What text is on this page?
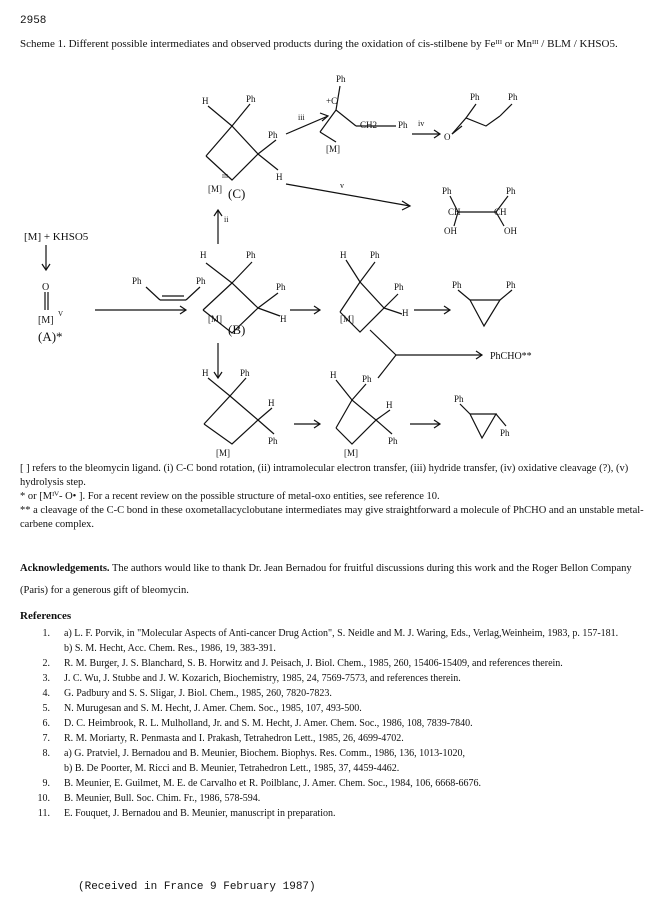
2958
Scheme 1. Different possible intermediates and observed products during the oxidation of cis-stilbene by Feᴵᴵᴵ or Mnᴵᴵᴵ / BLM / KHSO5.
[M] + KHSO5
O
[M]
V
(A)*
Ph	Ph
(B)
H	Ph
Ph
H
[M]
ii
(C)
H	Ph
Ph
H
[M]
III
iii
v
Ph
+C
CH2 Ph
[M]
iv
Ph	Ph
O
Ph	Ph
CH	CH
OH	OH
H	Ph
Ph
H
[M]
Ph	Ph
PhCHO**
H	Ph
H
Ph
[M]
H	Ph
H
Ph
[M]
Ph
Ph

[ ] refers to the bleomycin ligand. (i) C-C bond rotation, (ii) intramolecular electron transfer, (iii) hydride transfer, (iv) oxidative cleavage (?), (v) hydrolysis step.

* or [Mᴵⱽ- O• ]. For a recent review on the possible structure of metal-oxo entities, see reference 10.

** a cleavage of the C-C bond in these oxometallacyclobutane intermediates may give straightforward a molecule of PhCHO and an unstable metal-carbene complex.

Acknowledgements. The authors would like to thank Dr. Jean Bernadou for fruitful discussions during this work and the Roger Bellon Company (Paris) for a generous gift of bleomycin.
References
1.	a) L. F. Porvik, in "Molecular Aspects of Anti-cancer Drug Action", S. Neidle and M. J. Waring, Eds., Verlag,Weinheim, 1983, p. 157-181.
b) S. M. Hecht, Acc. Chem. Res., 1986, 19, 383-391.
2.	R. M. Burger, J. S. Blanchard, S. B. Horwitz and J. Peisach, J. Biol. Chem., 1985, 260, 15406-15409, and references therein.
3.	J. C. Wu, J. Stubbe and J. W. Kozarich, Biochemistry, 1985, 24, 7569-7573, and references therein.
4.	G. Padbury and S. S. Sligar, J. Biol. Chem., 1985, 260, 7820-7823.
5.	N. Murugesan and S. M. Hecht, J. Amer. Chem. Soc., 1985, 107, 493-500.
6.	D. C. Heimbrook, R. L. Mulholland, Jr. and S. M. Hecht, J. Amer. Chem. Soc., 1986, 108, 7839-7840.
7.	R. M. Moriarty, R. Penmasta and I. Prakash, Tetrahedron Lett., 1985, 26, 4699-4702.
8.	a) G. Pratviel, J. Bernadou and B. Meunier, Biochem. Biophys. Res. Comm., 1986, 136, 1013-1020,
b) B. De Poorter, M. Ricci and B. Meunier, Tetrahedron Lett., 1985, 37, 4459-4462.
9.	B. Meunier, E. Guilmet, M. E. de Carvalho et R. Poilblanc, J. Amer. Chem. Soc., 1984, 106, 6668-6676.
10.	B. Meunier, Bull. Soc. Chim. Fr., 1986, 578-594.
11.	E. Fouquet, J. Bernadou and B. Meunier, manuscript in preparation.
(Received in France 9 February 1987)
